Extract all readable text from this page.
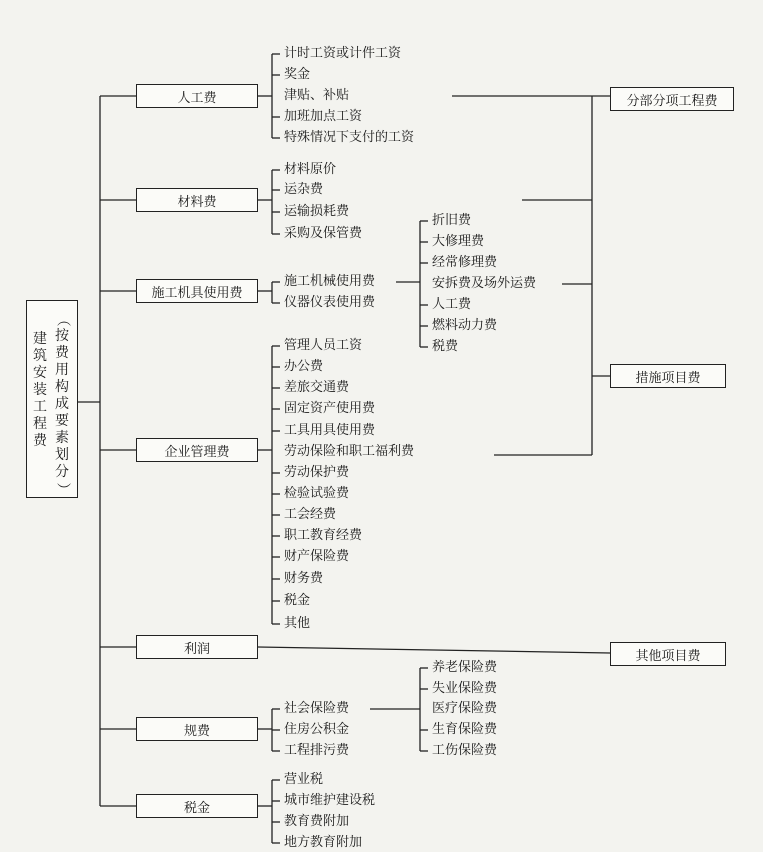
建
筑
安
装
工
程
费
（
按
费
用
构
成
要
素
划
分
）
人工费
材料费
施工机具使用费
企业管理费
利润
规费
税金
计时工资或计件工资
奖金
津贴、补贴
加班加点工资
特殊情况下支付的工资
材料原价
运杂费
运输损耗费
采购及保管费
施工机械使用费
仪器仪表使用费
折旧费
大修理费
经常修理费
安拆费及场外运费
人工费
燃料动力费
税费
管理人员工资
办公费
差旅交通费
固定资产使用费
工具用具使用费
劳动保险和职工福利费
劳动保护费
检验试验费
工会经费
职工教育经费
财产保险费
财务费
税金
其他
社会保险费
住房公积金
工程排污费
养老保险费
失业保险费
医疗保险费
生育保险费
工伤保险费
营业税
城市维护建设税
教育费附加
地方教育附加
分部分项工程费
措施项目费
其他项目费
